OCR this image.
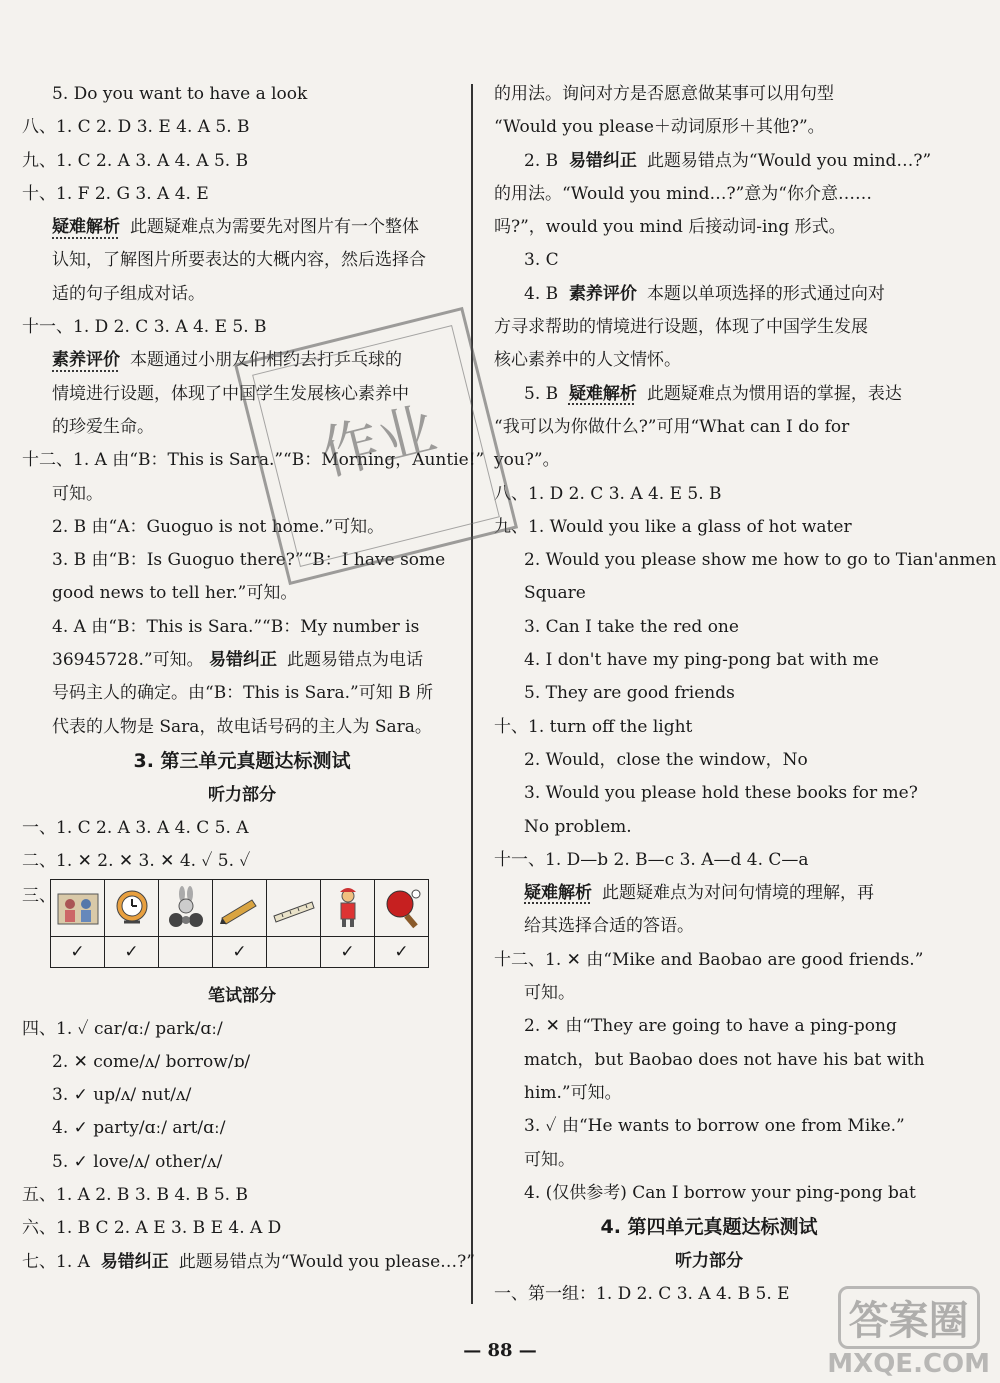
5. Do you want to have a look
八、1. C 2. D 3. E 4. A 5. B
九、1. C 2. A 3. A 4. A 5. B
十、1. F 2. G 3. A 4. E
疑难解析 此题疑难点为需要先对图片有一个整体
认知，了解图片所要表达的大概内容，然后选择合
适的句子组成对话。
十一、1. D 2. C 3. A 4. E 5. B
素养评价 本题通过小朋友们相约去打乒乓球的
情境进行设题，体现了中国学生发展核心素养中
的珍爱生命。
十二、1. A 由“B：This is Sara.”“B：Morning，Auntie!”
可知。
2. B 由“A：Guoguo is not home.”可知。
3. B 由“B：Is Guoguo there?”“B：I have some
good news to tell her.”可知。
4. A 由“B：This is Sara.”“B：My number is
36945728.”可知。 易错纠正 此题易错点为电话
号码主人的确定。由“B：This is Sara.”可知 B 所
代表的人物是 Sara，故电话号码的主人为 Sara。
3. 第三单元真题达标测试
听力部分
一、1. C 2. A 3. A 4. C 5. A
二、1. ✕ 2. ✕ 3. ✕ 4. ✓ 5. ✓
三、

✓	✓		✓		✓	✓
笔试部分
四、1. ✓ car/ɑː/ park/ɑː/
2. ✕ come/ʌ/ borrow/ɒ/
3. ✓ up/ʌ/ nut/ʌ/
4. ✓ party/ɑː/ art/ɑː/
5. ✓ love/ʌ/ other/ʌ/
五、1. A 2. B 3. B 4. B 5. B
六、1. B C 2. A E 3. B E 4. A D
七、1. A 易错纠正 此题易错点为“Would you please…?”
的用法。询问对方是否愿意做某事可以用句型
“Would you please＋动词原形＋其他?”。
2. B 易错纠正 此题易错点为“Would you mind…?”
的用法。“Would you mind…?”意为“你介意……
吗?”，would you mind 后接动词-ing 形式。
3. C
4. B 素养评价 本题以单项选择的形式通过向对
方寻求帮助的情境进行设题，体现了中国学生发展
核心素养中的人文情怀。
5. B 疑难解析 此题疑难点为惯用语的掌握，表达
“我可以为你做什么?”可用“What can I do for
you?”。
八、1. D 2. C 3. A 4. E 5. B
九、1. Would you like a glass of hot water
2. Would you please show me how to go to Tian'anmen
Square
3. Can I take the red one
4. I don't have my ping-pong bat with me
5. They are good friends
十、1. turn off the light
2. Would，close the window，No
3. Would you please hold these books for me?
No problem.
十一、1. D—b 2. B—c 3. A—d 4. C—a
疑难解析 此题疑难点为对问句情境的理解，再
给其选择合适的答语。
十二、1. ✕ 由“Mike and Baobao are good friends.”
可知。
2. ✕ 由“They are going to have a ping-pong
match，but Baobao does not have his bat with
him.”可知。
3. ✓ 由“He wants to borrow one from Mike.”
可知。
4. (仅供参考) Can I borrow your ping-pong bat
4. 第四单元真题达标测试
听力部分
一、第一组：1. D 2. C 3. A 4. B 5. E
作业
— 88 —
答案圈
MXQE.COM
